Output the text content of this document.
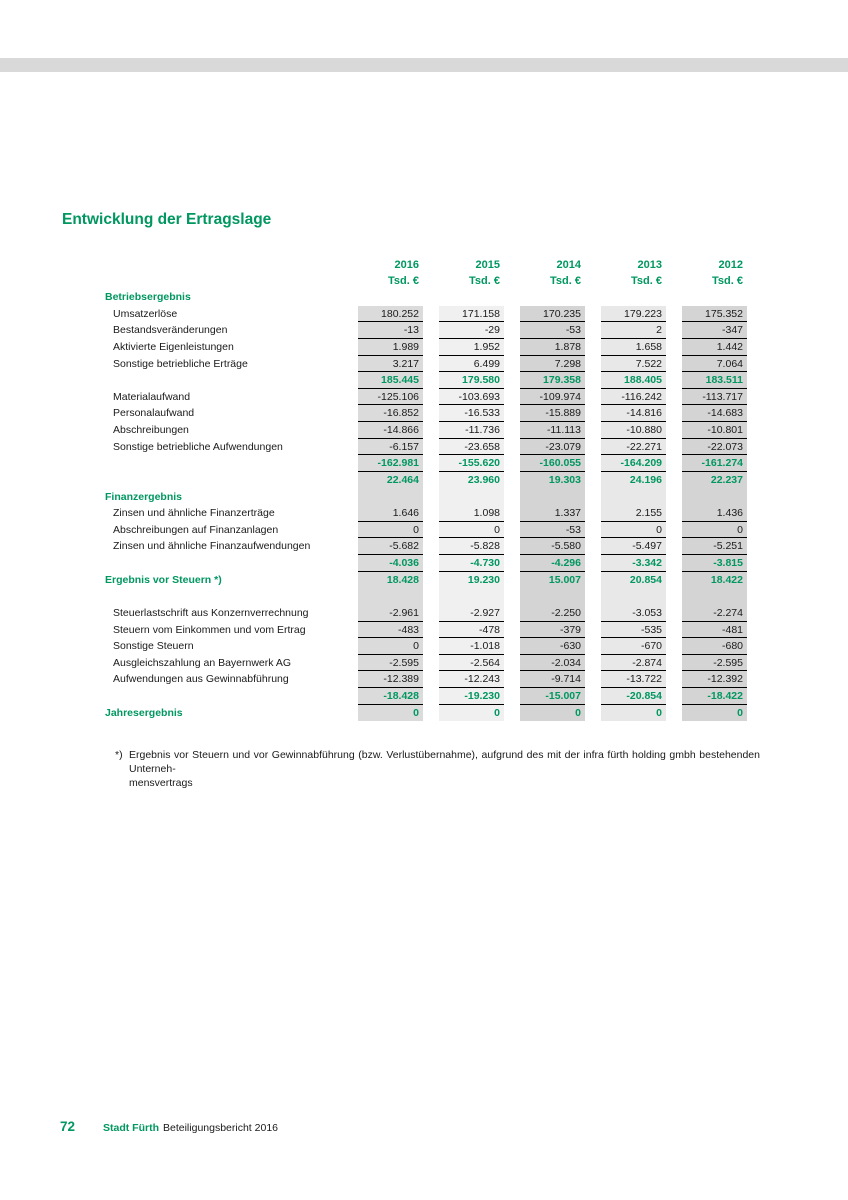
Entwicklung der Ertragslage
2016	2015	2014	2013	2012
Tsd. €	Tsd. €	Tsd. €	Tsd. €	Tsd. €
Betriebsergebnis
Umsatzerlöse	180.252	171.158	170.235	179.223	175.352
Bestandsveränderungen	-13	-29	-53	2	-347
Aktivierte Eigenleistungen	1.989	1.952	1.878	1.658	1.442
Sonstige betriebliche Erträge	3.217	6.499	7.298	7.522	7.064
185.445	179.580	179.358	188.405	183.511
Materialaufwand	-125.106	-103.693	-109.974	-116.242	-113.717
Personalaufwand	-16.852	-16.533	-15.889	-14.816	-14.683
Abschreibungen	-14.866	-11.736	-11.113	-10.880	-10.801
Sonstige betriebliche Aufwendungen	-6.157	-23.658	-23.079	-22.271	-22.073
-162.981	-155.620	-160.055	-164.209	-161.274
22.464	23.960	19.303	24.196	22.237
Finanzergebnis
Zinsen und ähnliche Finanzerträge	1.646	1.098	1.337	2.155	1.436
Abschreibungen auf Finanzanlagen	0	0	-53	0	0
Zinsen und ähnliche Finanzaufwendungen	-5.682	-5.828	-5.580	-5.497	-5.251
-4.036	-4.730	-4.296	-3.342	-3.815
Ergebnis vor Steuern *)	18.428	19.230	15.007	20.854	18.422
Steuerlastschrift aus Konzernverrechnung	-2.961	-2.927	-2.250	-3.053	-2.274
Steuern vom Einkommen und vom Ertrag	-483	-478	-379	-535	-481
Sonstige Steuern	0	-1.018	-630	-670	-680
Ausgleichszahlung an Bayernwerk AG	-2.595	-2.564	-2.034	-2.874	-2.595
Aufwendungen aus Gewinnabführung	-12.389	-12.243	-9.714	-13.722	-12.392
-18.428	-19.230	-15.007	-20.854	-18.422
Jahresergebnis	0	0	0	0	0
*) Ergebnis vor Steuern und vor Gewinnabführung (bzw. Verlustübernahme), aufgrund des mit der infra fürth holding gmbh bestehenden Unterneh-
mensvertrags
72	Stadt Fürth Beteiligungsbericht 2016
